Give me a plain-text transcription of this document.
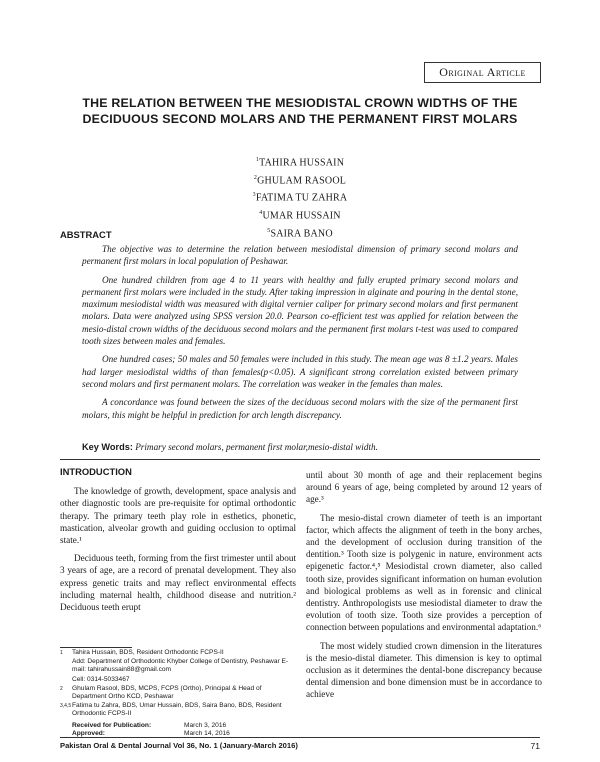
Original Article
THE RELATION BETWEEN THE MESIODISTAL CROWN WIDTHS OF THE DECIDUOUS SECOND MOLARS AND THE PERMANENT FIRST MOLARS
$^1$TAHIRA HUSSAIN
$^2$GHULAM RASOOL
$^3$FATIMA TU ZAHRA
$^4$UMAR HUSSAIN
$^5$SAIRA BANO
ABSTRACT

The objective was to determine the relation between mesiodistal dimension of primary second molars and permanent first molars in local population of Peshawar.

One hundred children from age 4 to 11 years with healthy and fully erupted primary second molars and permanent first molars were included in the study. After taking impression in alginate and pouring in the dental stone, maximum mesiodistal width was measured with digital vernier caliper for primary second molars and first permanent molars. Data were analyzed using SPSS version 20.0. Pearson co-efficient test was applied for relation between the mesio-distal crown widths of the deciduous second molars and the permanent first molars t-test was used to compared tooth sizes between males and females.

One hundred cases; 50 males and 50 females were included in this study. The mean age was 8 ±1.2 years. Males had larger mesiodistal widths of than females(p<0.05). A significant strong correlation existed between primary second molars and first permanent molars. The correlation was weaker in the females than males.

A concordance was found between the sizes of the deciduous second molars with the size of the permanent first molars, this might be helpful in prediction for arch length discrepancy.

Key Words: Primary second molars, permanent first molar,mesio-distal width.
INTRODUCTION

The knowledge of growth, development, space analysis and other diagnostic tools are pre-requisite for optimal orthodontic therapy. The primary teeth play role in esthetics, phonetic, mastication, alveolar growth and guiding occlusion to optimal state.¹

Deciduous teeth, forming from the first trimester until about 3 years of age, are a record of prenatal development. They also express genetic traits and may reflect environmental effects including maternal health, childhood disease and nutrition.² Deciduous teeth erupt

until about 30 month of age and their replacement begins around 6 years of age, being completed by around 12 years of age.³

The mesio-distal crown diameter of teeth is an important factor, which affects the alignment of teeth in the bony arches, and the development of occlusion during transition of the dentition.³ Tooth size is polygenic in nature, environment acts epigenetic factor.⁴,⁵ Mesiodistal crown diameter, also called tooth size, provides significant information on human evolution and biological problems as well as in forensic and clinical dentistry. Anthropologists use mesiodistal diameter to draw the evolution of tooth size. Tooth size provides a perception of connection between populations and environmental adaptation.⁶

The most widely studied crown dimension in the literatures is the mesio-distal diameter. This dimension is key to optimal occlusion as it determines the dental-bone discrepancy because dental dimension and bone dimension must be in accordance to achieve

1 Tahira Hussain, BDS, Resident Orthodontic FCPS-II
Add: Department of Orthodontic Khyber College of Dentistry, Peshawar E-mail: tahirahussain88@gmail.com
Cell: 0314-5033467
2 Ghulam Rasool, BDS, MCPS, FCPS (Ortho), Principal & Head of Department Ortho KCD, Peshawar
3,4,5 Fatima tu Zahra, BDS, Umar Hussain, BDS, Saira Bano, BDS, Resident Orthodontic FCPS-II
Received for Publication:	March 3, 2016
Approved:	March 14, 2016
Pakistan Oral & Dental Journal Vol 36, No. 1 (January-March 2016)	71
